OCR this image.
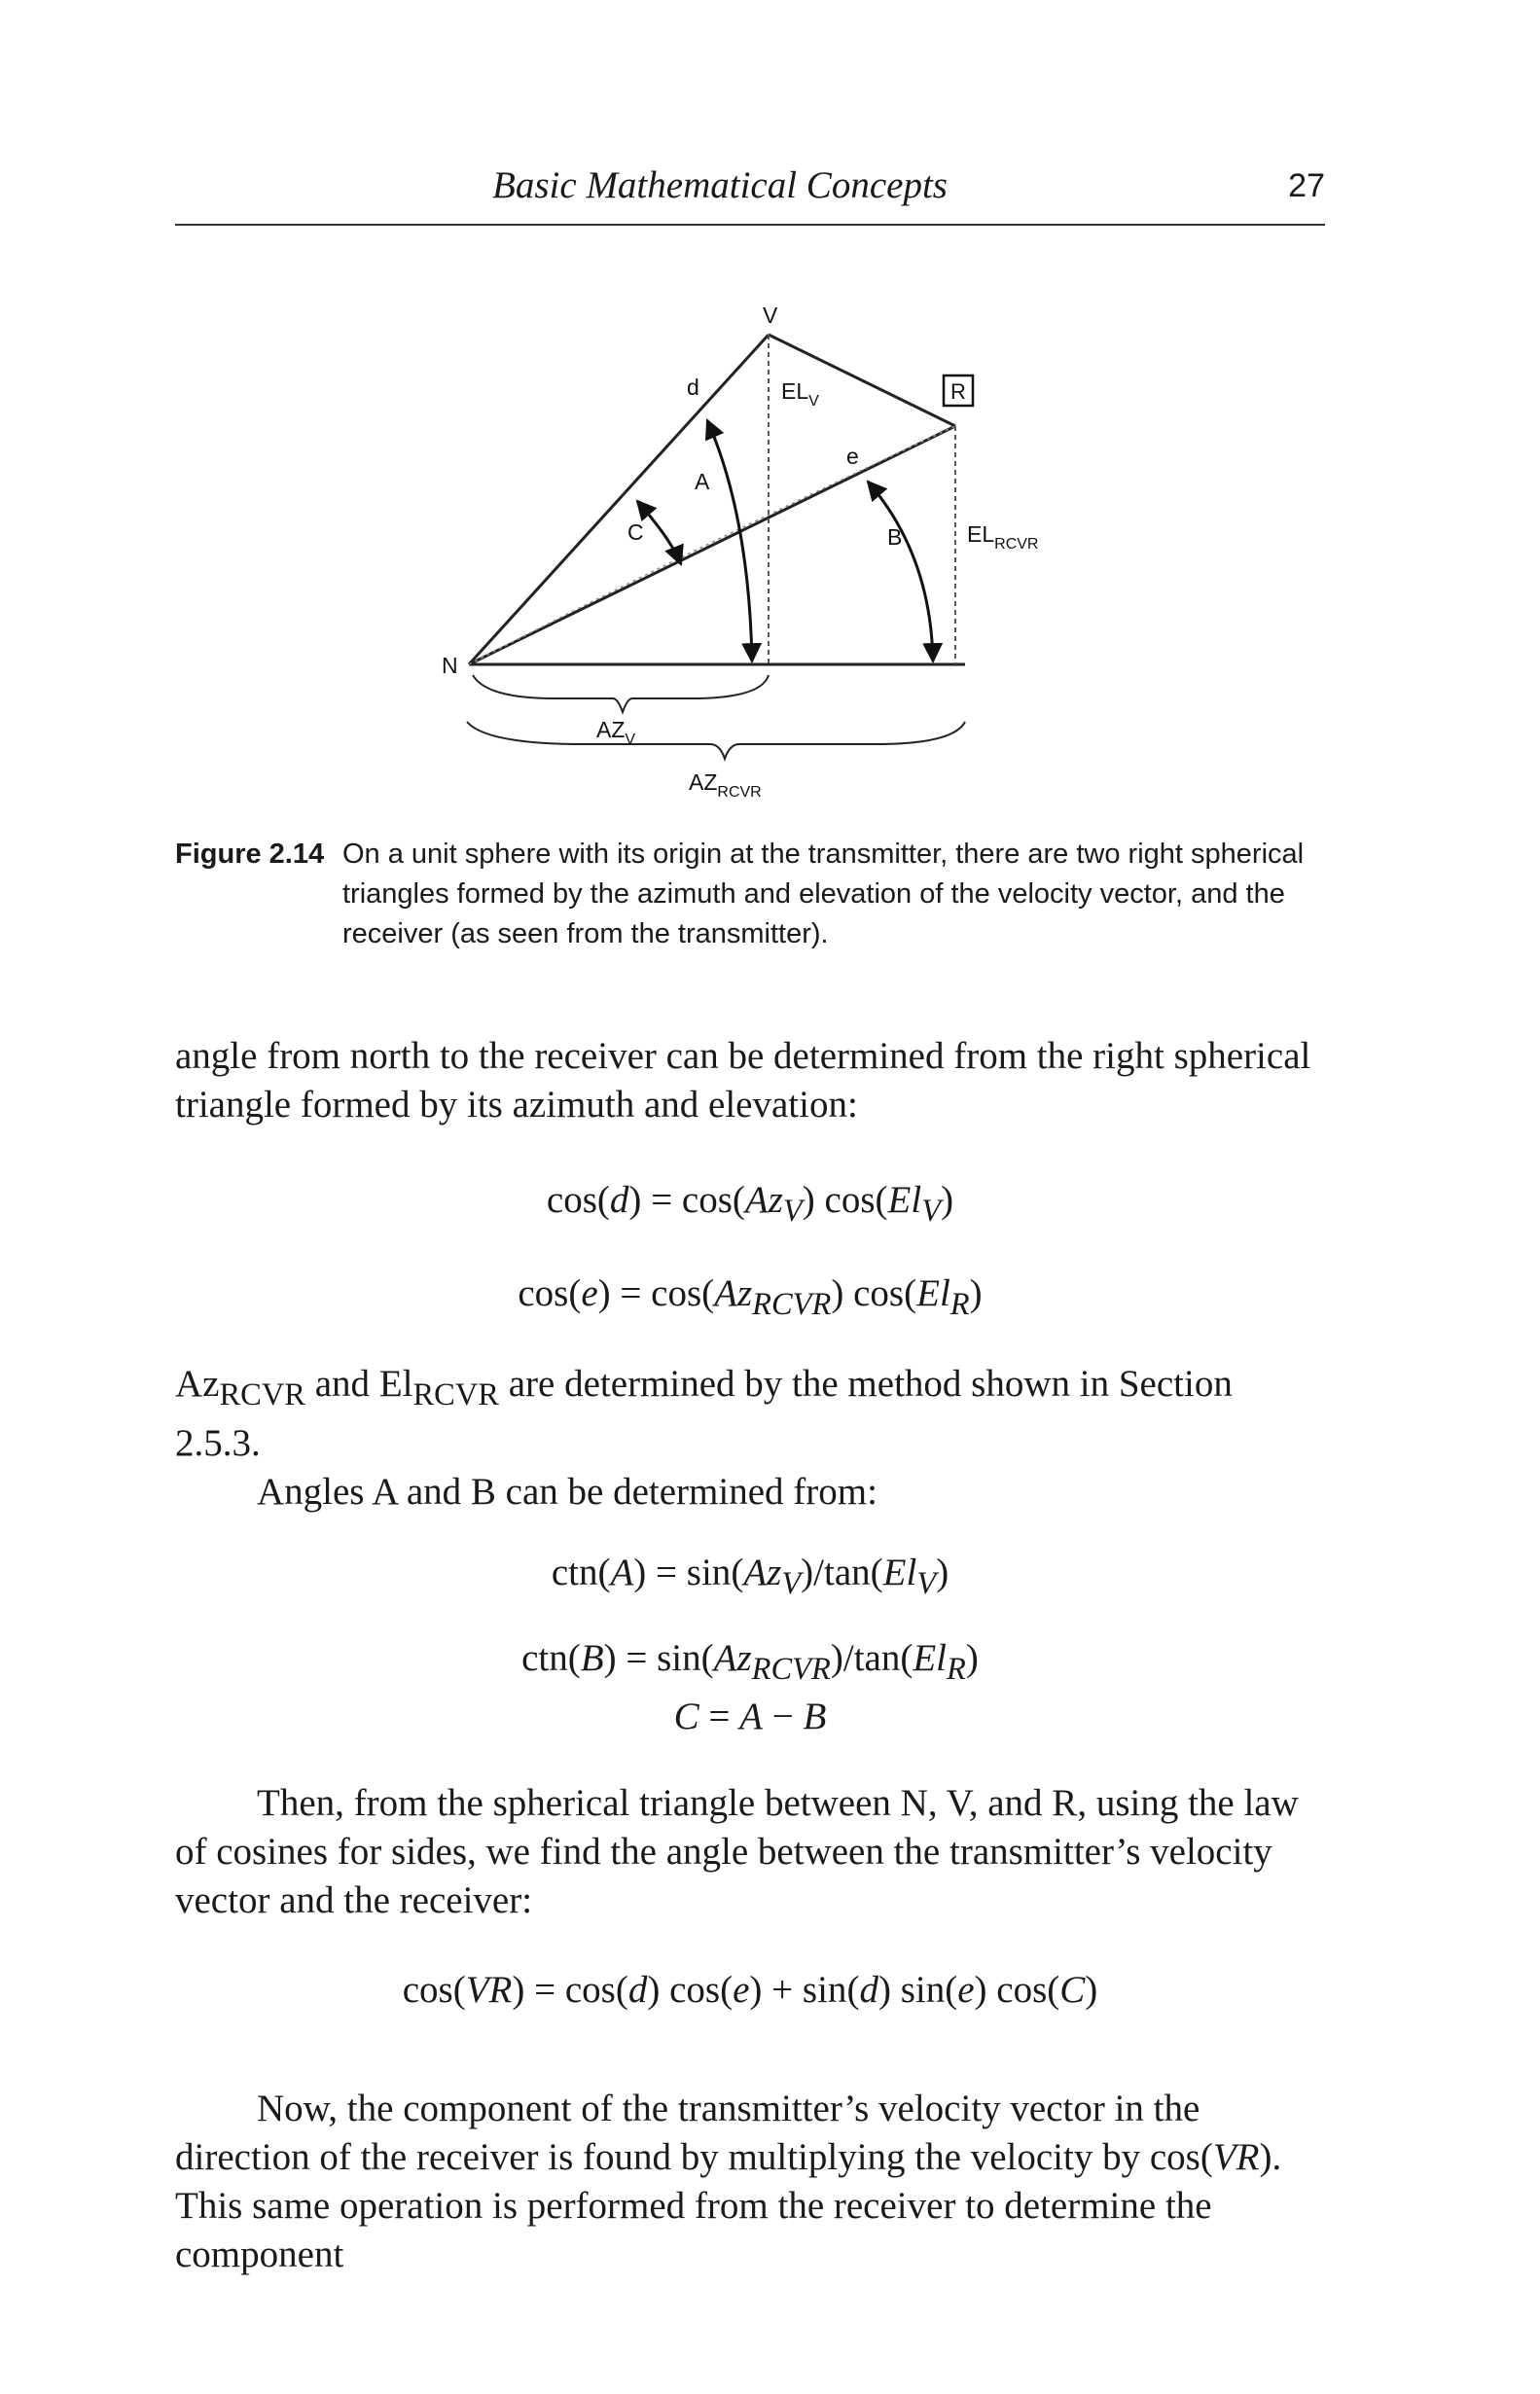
Basic Mathematical Concepts	27
V
d	$EL_V$	R
e
A
C	B	$EL_{RCVR}$
N
$AZ_V$
$AZ_{RCVR}$
Figure 2.14 On a unit sphere with its origin at the transmitter, there are two right spherical triangles formed by the azimuth and elevation of the velocity vector, and the receiver (as seen from the transmitter).
angle from north to the receiver can be determined from the right spherical triangle formed by its azimuth and elevation:
$\cos(d) = \cos(Az_V)$ $\cos(El_V)$
$\cos(e) = \cos(Az_{RCVR})$ $\cos(El_R)$
$Az_{RCVR}$ and $El_{RCVR}$ are determined by the method shown in Section 2.5.3.
Angles A and B can be determined from:
$ctn(A) = \sin(Az_V)/\tan(El_V)$
$ctn(B) = \sin(Az_{RCVR})/\tan(El_R)$
C = A − B
Then, from the spherical triangle between N, V, and R, using the law of cosines for sides, we find the angle between the transmitter’s velocity vector and the receiver:
cos(VR) = cos(d) cos(e) + sin(d) sin(e) cos(C)
Now, the component of the transmitter’s velocity vector in the direction of the receiver is found by multiplying the velocity by cos(VR). This same operation is performed from the receiver to determine the component
